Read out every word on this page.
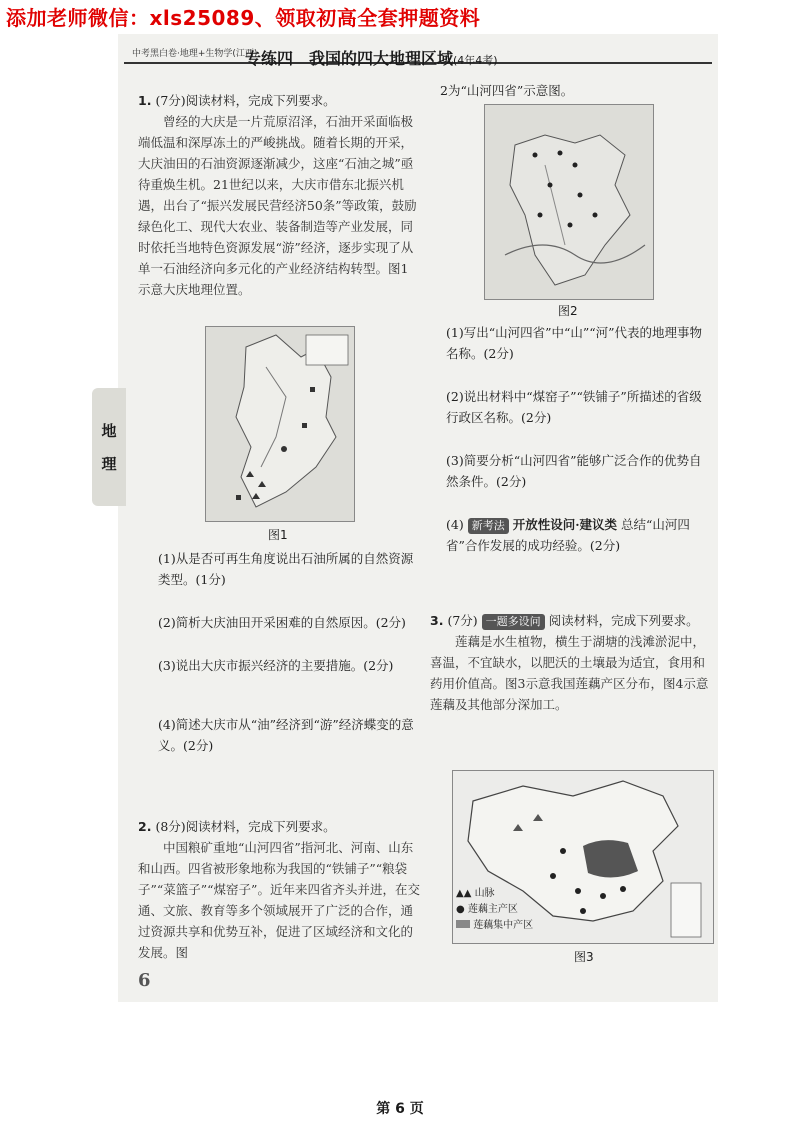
添加老师微信：xls25089、领取初高全套押题资料
中考黑白卷·地理+生物学(江西)
专练四　我国的四大地理区域(4年4考)
地
理
1. (7分)阅读材料，完成下列要求。
曾经的大庆是一片荒原沼泽，石油开采面临极端低温和深厚冻土的严峻挑战。随着长期的开采，大庆油田的石油资源逐渐减少，这座“石油之城”亟待重焕生机。21世纪以来，大庆市借东北振兴机遇，出台了“振兴发展民营经济50条”等政策，鼓励绿色化工、现代大农业、装备制造等产业发展，同时依托当地特色资源发展“游”经济，逐步实现了从单一石油经济向多元化的产业经济结构转型。图1示意大庆地理位置。
图1

(1)从是否可再生角度说出石油所属的自然资源类型。(1分)

(2)简析大庆油田开采困难的自然原因。(2分)

(3)说出大庆市振兴经济的主要措施。(2分)

(4)简述大庆市从“油”经济到“游”经济蝶变的意义。(2分)

2. (8分)阅读材料，完成下列要求。
中国粮矿重地“山河四省”指河北、河南、山东和山西。四省被形象地称为我国的“铁铺子”“粮袋子”“菜篮子”“煤窑子”。近年来四省齐头并进，在交通、文旅、教育等多个领域展开了广泛的合作，通过资源共享和优势互补，促进了区域经济和文化的发展。图
6
2为“山河四省”示意图。
图2

(1)写出“山河四省”中“山”“河”代表的地理事物名称。(2分)

(2)说出材料中“煤窑子”“铁铺子”所描述的省级行政区名称。(2分)

(3)简要分析“山河四省”能够广泛合作的优势自然条件。(2分)

(4) 新考法 开放性设问·建议类 总结“山河四省”合作发展的成功经验。(2分)

3. (7分) 一题多设问 阅读材料，完成下列要求。
莲藕是水生植物，横生于湖塘的浅滩淤泥中，喜温，不宜缺水，以肥沃的土壤最为适宜，食用和药用价值高。图3示意我国莲藕产区分布，图4示意莲藕及其他部分深加工。
▲▲ 山脉
● 莲藕主产区
莲藕集中产区
图3
第 6 页
